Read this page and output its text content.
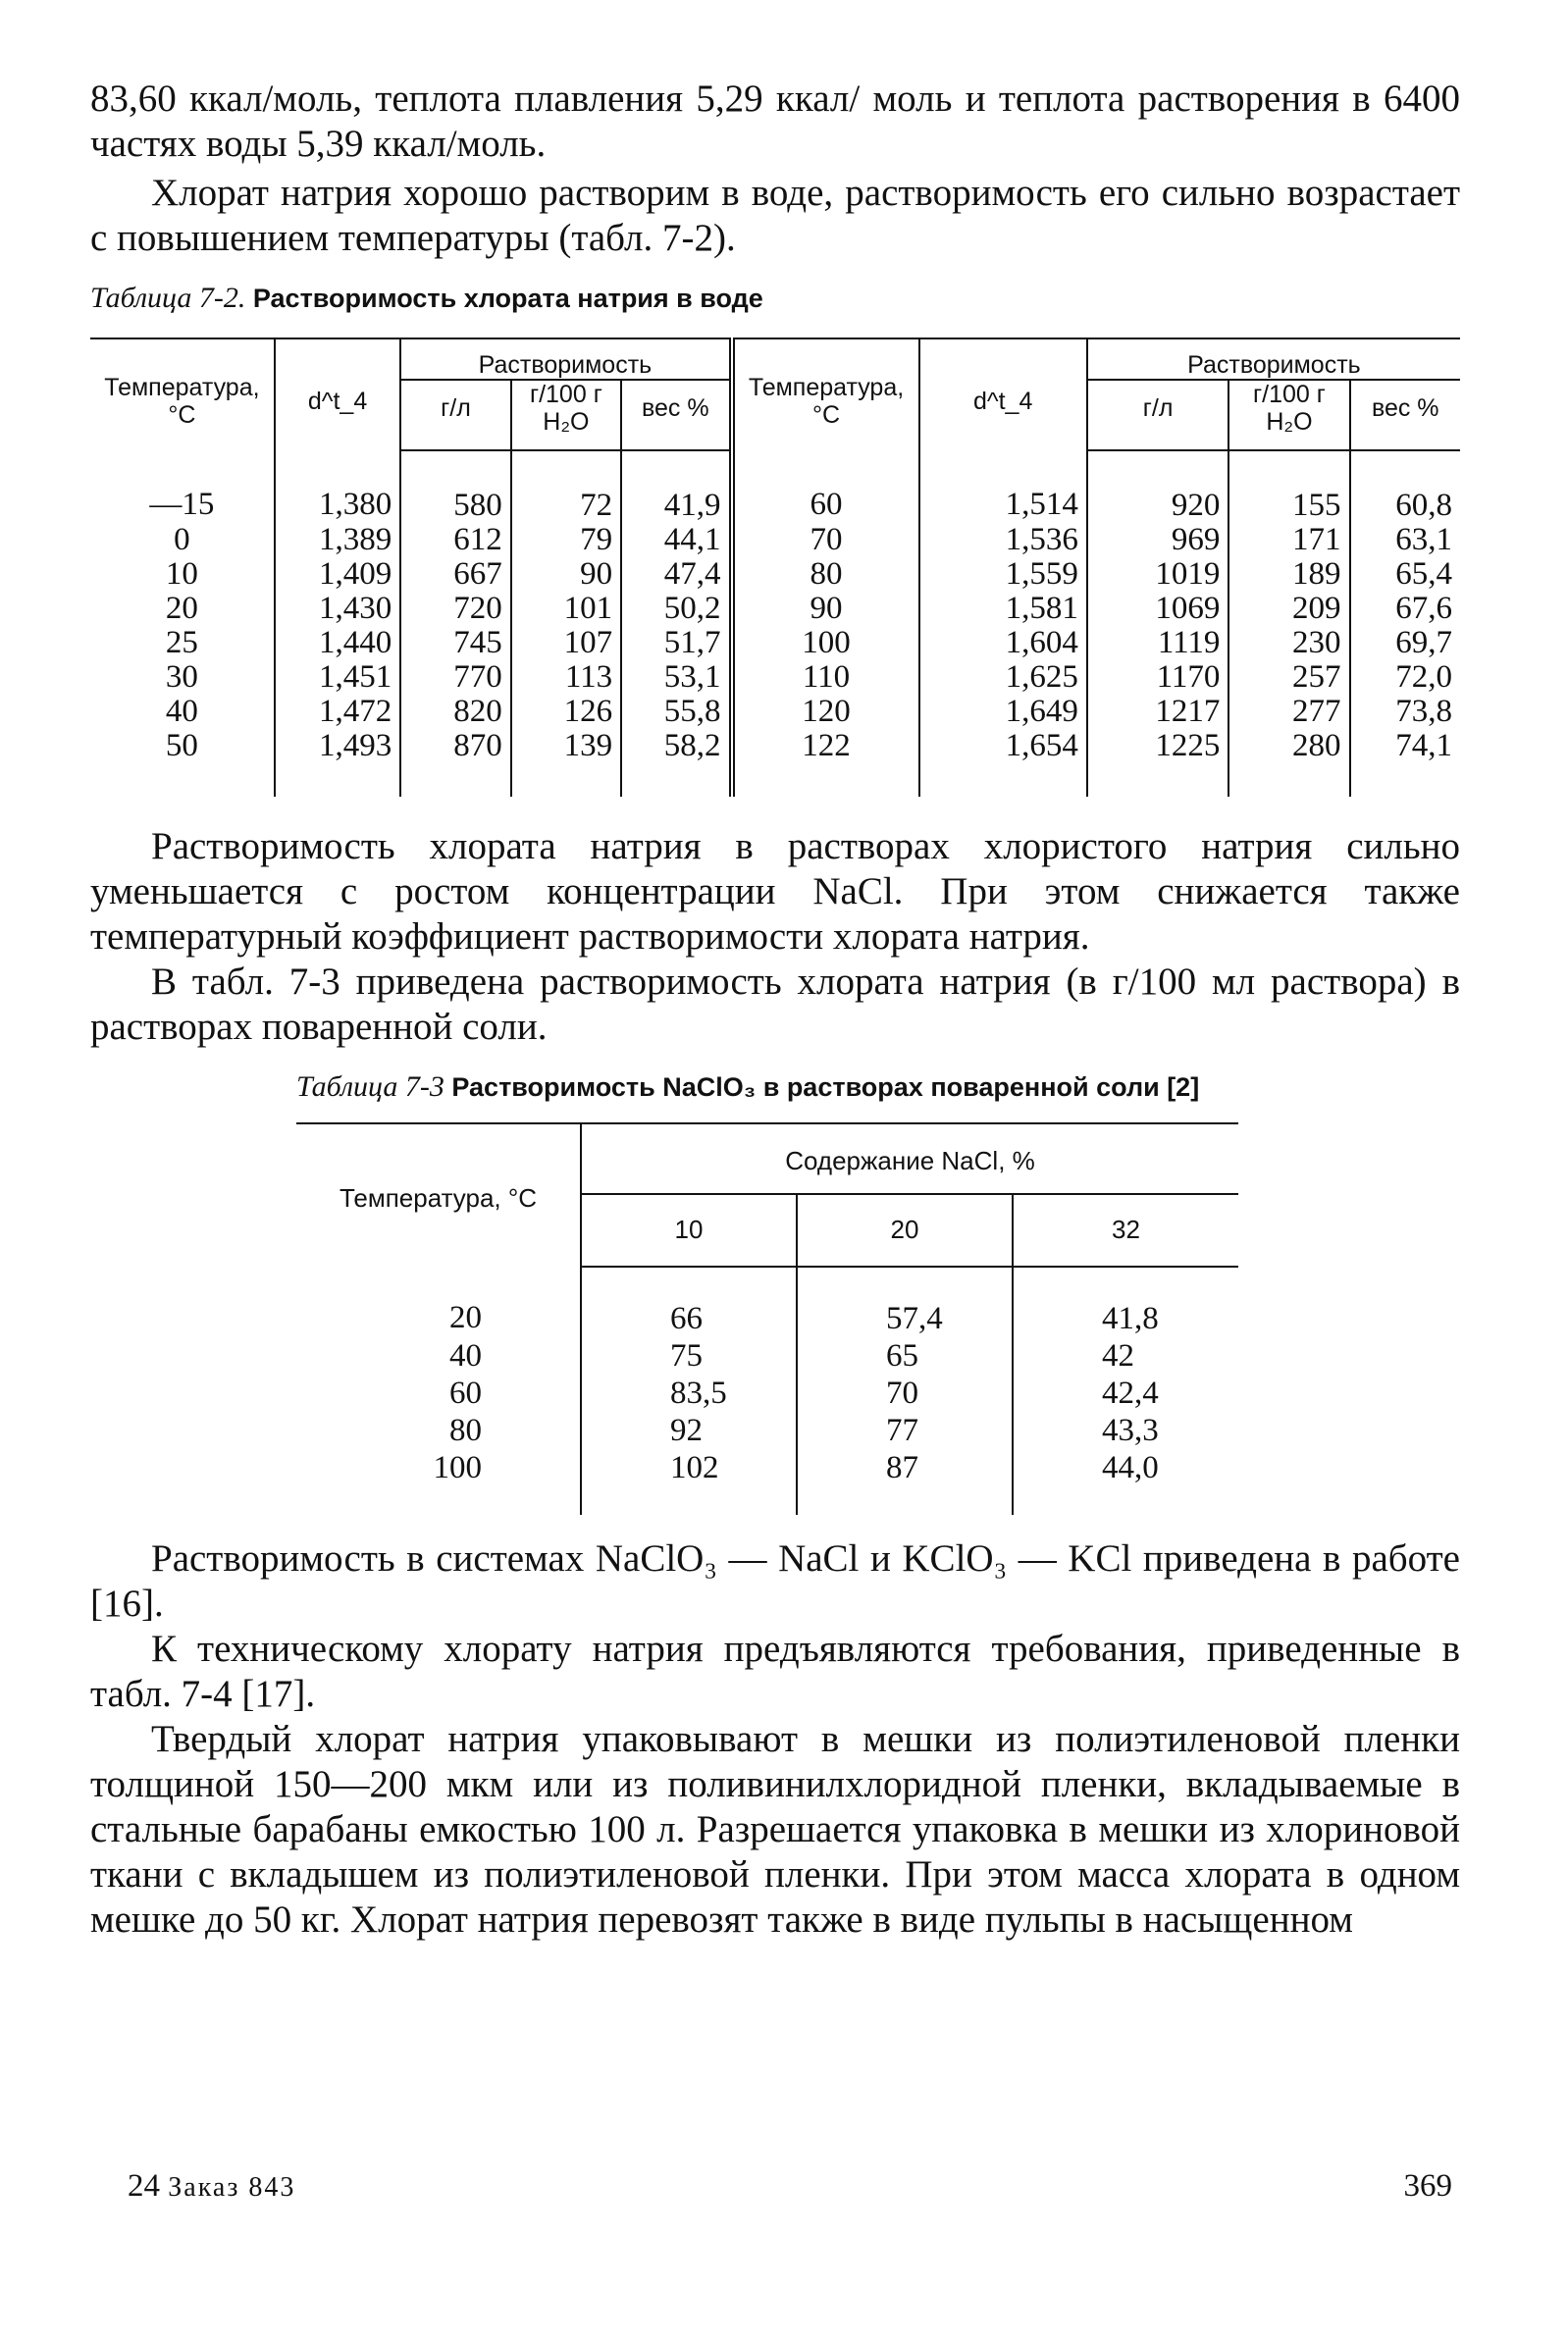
83,60 ккал/моль, теплота плавления 5,29 ккал/ моль и теплота растворения в 6400 частях воды 5,39 ккал/моль.

Хлорат натрия хорошо растворим в воде, растворимость его сильно возрастает с повышением температуры (табл. 7-2).

Таблица 7-2. Растворимость хлората натрия в воде
Температура, °С	d^t_4	Растворимость			Температура, °С	d^t_4	Растворимость		
		г/л	г/100 г H₂O	вес %			г/л	г/100 г H₂O	вес %
—15	1,380	580	72	41,9	60	1,514	920	155	60,8
0	1,389	612	79	44,1	70	1,536	969	171	63,1
10	1,409	667	90	47,4	80	1,559	1019	189	65,4
20	1,430	720	101	50,2	90	1,581	1069	209	67,6
25	1,440	745	107	51,7	100	1,604	1119	230	69,7
30	1,451	770	113	53,1	110	1,625	1170	257	72,0
40	1,472	820	126	55,8	120	1,649	1217	277	73,8
50	1,493	870	139	58,2	122	1,654	1225	280	74,1

Растворимость хлората натрия в растворах хлористого натрия сильно уменьшается с ростом концентрации NaCl. При этом снижается также температурный коэффициент растворимости хлората натрия.

В табл. 7-3 приведена растворимость хлората натрия (в г/100 мл раствора) в растворах поваренной соли.

Таблица 7-3 Растворимость NaClO₃ в растворах поваренной соли [2]
Температура, °С	Содержание NaCl, %		
	10	20	32
20	66	57,4	41,8
40	75	65	42
60	83,5	70	42,4
80	92	77	43,3
100	102	87	44,0

Растворимость в системах NaClO₃ — NaCl и KClO₃ — KCl приведена в работе [16].

К техническому хлорату натрия предъявляются требования, приведенные в табл. 7-4 [17].

Твердый хлорат натрия упаковывают в мешки из полиэтиленовой пленки толщиной 150—200 мкм или из поливинилхлоридной пленки, вкладываемые в стальные барабаны емкостью 100 л. Разрешается упаковка в мешки из хлориновой ткани с вкладышем из полиэтиленовой пленки. При этом масса хлората в одном мешке до 50 кг. Хлорат натрия перевозят также в виде пульпы в насыщенном

24 Заказ 843	369
